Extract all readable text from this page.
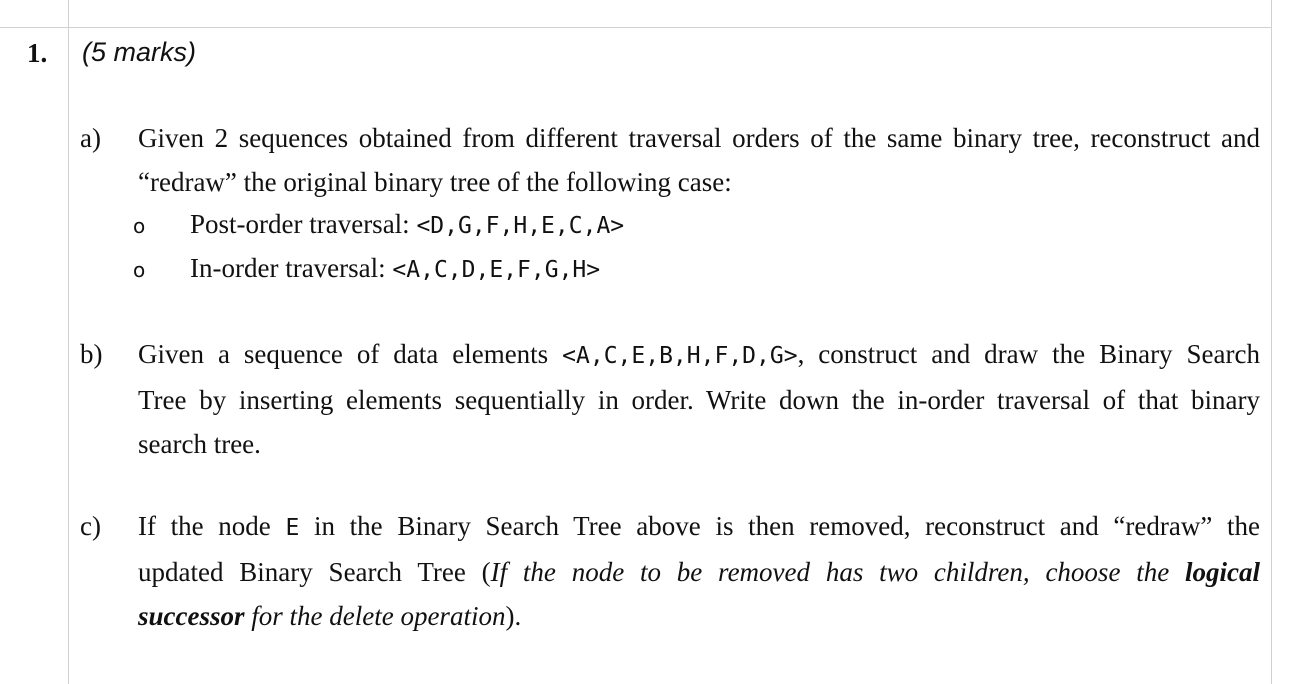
1. (5 marks)
a) Given 2 sequences obtained from different traversal orders of the same binary tree, reconstruct and
“redraw” the original binary tree of the following case:
o Post-order traversal: <D,G,F,H,E,C,A>
o In-order traversal: <A,C,D,E,F,G,H>
b) Given a sequence of data elements <A,C,E,B,H,F,D,G>, construct and draw the Binary Search
Tree by inserting elements sequentially in order. Write down the in-order traversal of that binary
search tree.
c) If the node E in the Binary Search Tree above is then removed, reconstruct and “redraw” the
updated Binary Search Tree (If the node to be removed has two children, choose the logical
successor for the delete operation).
